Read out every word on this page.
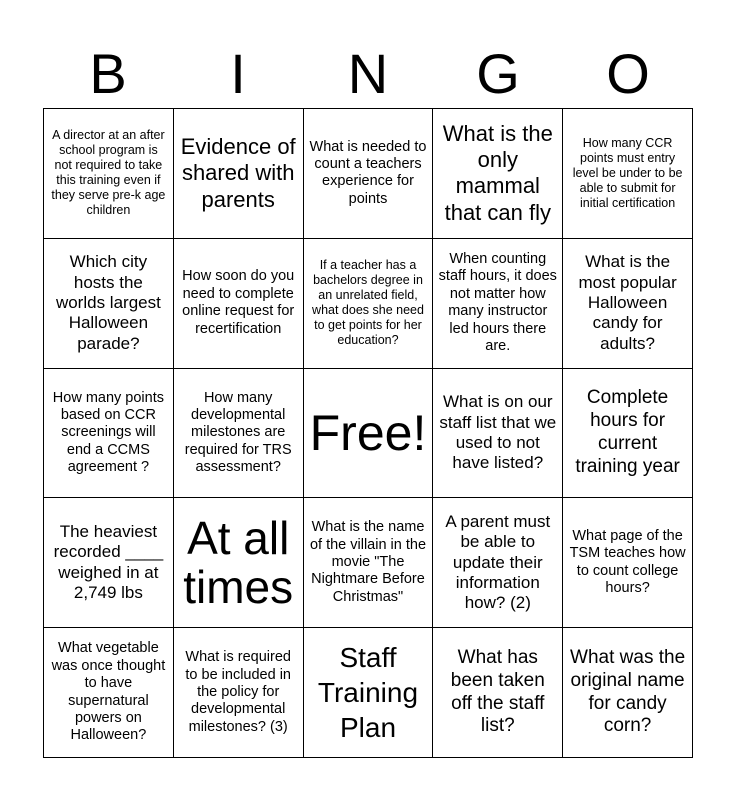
B	I	N	G	O
A director at an after school program is not required to take this training even if they serve pre-k age children
Evidence of shared with parents
What is needed to count a teachers experience for points
What is the only mammal that can fly
How many CCR points must entry level be under to be able to submit for initial certification
Which city hosts the worlds largest Halloween parade?
How soon do you need to complete online request for recertification
If a teacher has a bachelors degree in an unrelated field, what does she need to get points for her education?
When counting staff hours, it does not matter how many instructor led hours there are.
What is the most popular Halloween candy for adults?
How many points based on CCR screenings will end a CCMS agreement ?
How many developmental milestones are required for TRS assessment?
Free!
What is on our staff list that we used to not have listed?
Complete hours for current training year
The heaviest recorded ____ weighed in at 2,749 lbs
At all times
What is the name of the villain in the movie "The Nightmare Before Christmas"
A parent must be able to update their information how? (2)
What page of the TSM teaches how to count college hours?
What vegetable was once thought to have supernatural powers on Halloween?
What is required to be included in the policy for developmental milestones? (3)
Staff Training Plan
What has been taken off the staff list?
What was the original name for candy corn?
